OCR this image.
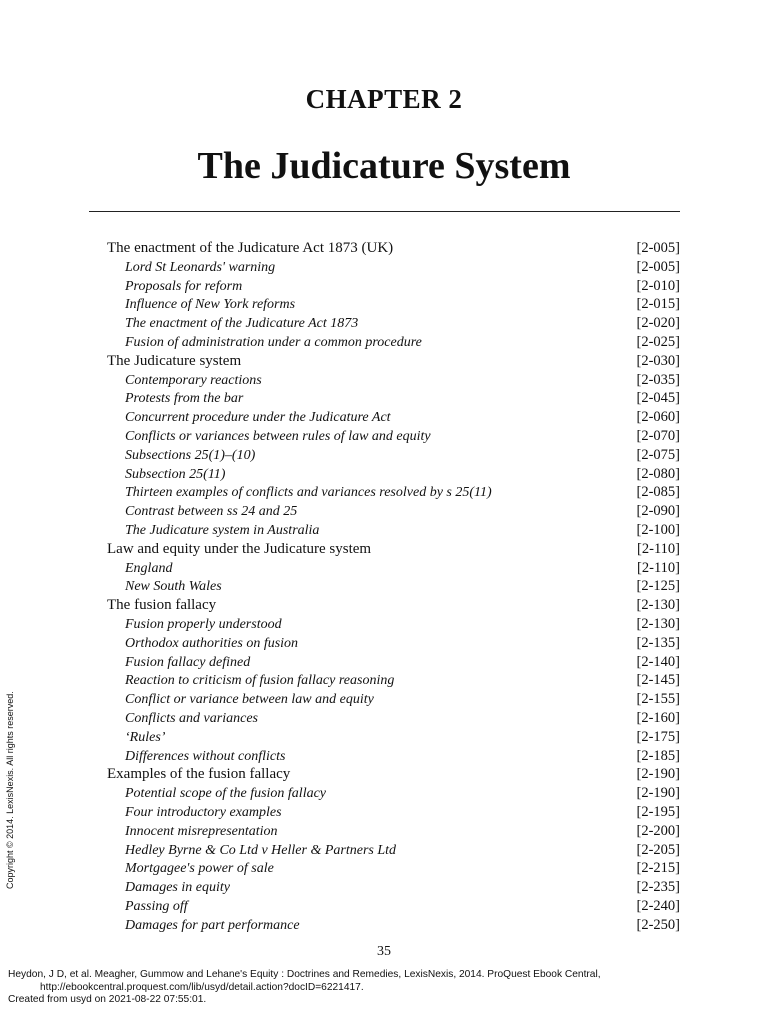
CHAPTER 2
The Judicature System
The enactment of the Judicature Act 1873 (UK)	[2-005]
Lord St Leonards' warning	[2-005]
Proposals for reform	[2-010]
Influence of New York reforms	[2-015]
The enactment of the Judicature Act 1873	[2-020]
Fusion of administration under a common procedure	[2-025]
The Judicature system	[2-030]
Contemporary reactions	[2-035]
Protests from the bar	[2-045]
Concurrent procedure under the Judicature Act	[2-060]
Conflicts or variances between rules of law and equity	[2-070]
Subsections 25(1)–(10)	[2-075]
Subsection 25(11)	[2-080]
Thirteen examples of conflicts and variances resolved by s 25(11)	[2-085]
Contrast between ss 24 and 25	[2-090]
The Judicature system in Australia	[2-100]
Law and equity under the Judicature system	[2-110]
England	[2-110]
New South Wales	[2-125]
The fusion fallacy	[2-130]
Fusion properly understood	[2-130]
Orthodox authorities on fusion	[2-135]
Fusion fallacy defined	[2-140]
Reaction to criticism of fusion fallacy reasoning	[2-145]
Conflict or variance between law and equity	[2-155]
Conflicts and variances	[2-160]
‘Rules’	[2-175]
Differences without conflicts	[2-185]
Examples of the fusion fallacy	[2-190]
Potential scope of the fusion fallacy	[2-190]
Four introductory examples	[2-195]
Innocent misrepresentation	[2-200]
Hedley Byrne & Co Ltd v Heller & Partners Ltd	[2-205]
Mortgagee's power of sale	[2-215]
Damages in equity	[2-235]
Passing off	[2-240]
Damages for part performance	[2-250]
35
Copyright © 2014. LexisNexis. All rights reserved.
Heydon, J D, et al. Meagher, Gummow and Lehane's Equity : Doctrines and Remedies, LexisNexis, 2014. ProQuest Ebook Central,
http://ebookcentral.proquest.com/lib/usyd/detail.action?docID=6221417.
Created from usyd on 2021-08-22 07:55:01.
